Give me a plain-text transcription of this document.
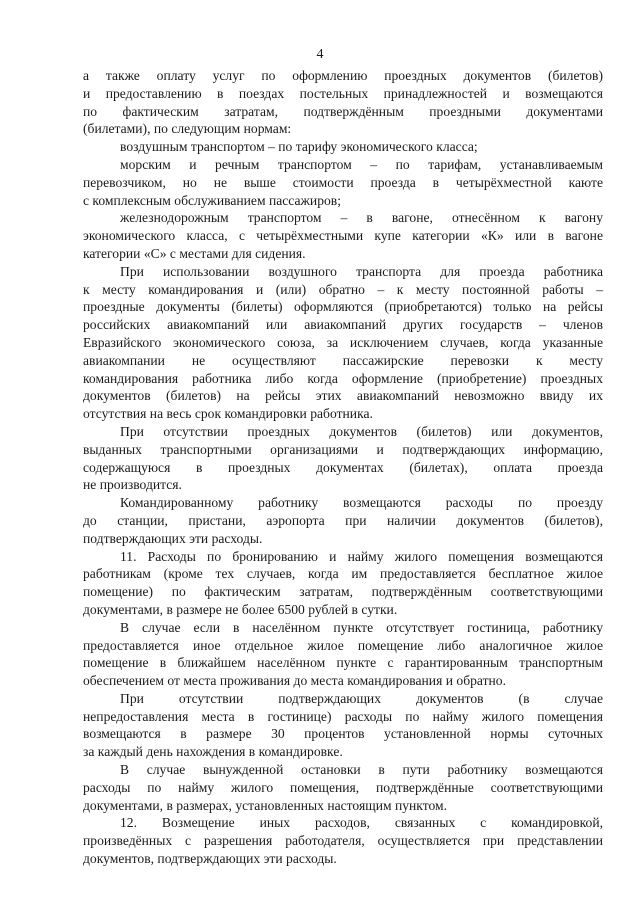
4
а также оплату услуг по оформлению проездных документов (билетов)
и предоставлению в поездах постельных принадлежностей и возмещаются
по фактическим затратам, подтверждённым проездными документами
(билетами), по следующим нормам:
воздушным транспортом – по тарифу экономического класса;
морским и речным транспортом – по тарифам, устанавливаемым
перевозчиком, но не выше стоимости проезда в четырёхместной каюте
с комплексным обслуживанием пассажиров;
железнодорожным транспортом – в вагоне, отнесённом к вагону
экономического класса, с четырёхместными купе категории «К» или в вагоне
категории «С» с местами для сидения.
При использовании воздушного транспорта для проезда работника
к месту командирования и (или) обратно – к месту постоянной работы –
проездные документы (билеты) оформляются (приобретаются) только на рейсы
российских авиакомпаний или авиакомпаний других государств – членов
Евразийского экономического союза, за исключением случаев, когда указанные
авиакомпании не осуществляют пассажирские перевозки к месту
командирования работника либо когда оформление (приобретение) проездных
документов (билетов) на рейсы этих авиакомпаний невозможно ввиду их
отсутствия на весь срок командировки работника.
При отсутствии проездных документов (билетов) или документов,
выданных транспортными организациями и подтверждающих информацию,
содержащуюся в проездных документах (билетах), оплата проезда
не производится.
Командированному работнику возмещаются расходы по проезду
до станции, пристани, аэропорта при наличии документов (билетов),
подтверждающих эти расходы.
11. Расходы по бронированию и найму жилого помещения возмещаются
работникам (кроме тех случаев, когда им предоставляется бесплатное жилое
помещение) по фактическим затратам, подтверждённым соответствующими
документами, в размере не более 6500 рублей в сутки.
В случае если в населённом пункте отсутствует гостиница, работнику
предоставляется иное отдельное жилое помещение либо аналогичное жилое
помещение в ближайшем населённом пункте с гарантированным транспортным
обеспечением от места проживания до места командирования и обратно.
При отсутствии подтверждающих документов (в случае
непредоставления места в гостинице) расходы по найму жилого помещения
возмещаются в размере 30 процентов установленной нормы суточных
за каждый день нахождения в командировке.
В случае вынужденной остановки в пути работнику возмещаются
расходы по найму жилого помещения, подтверждённые соответствующими
документами, в размерах, установленных настоящим пунктом.
12. Возмещение иных расходов, связанных с командировкой,
произведённых с разрешения работодателя, осуществляется при представлении
документов, подтверждающих эти расходы.
